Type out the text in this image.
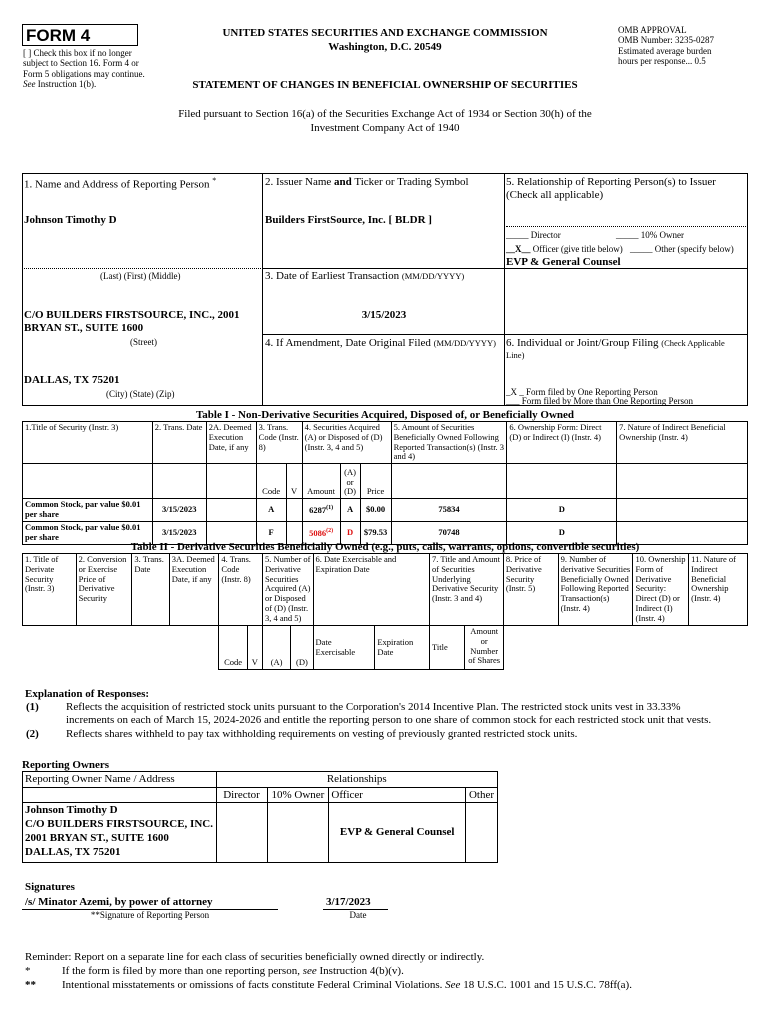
FORM 4
[ ] Check this box if no longer subject to Section 16. Form 4 or Form 5 obligations may continue. See Instruction 1(b).
UNITED STATES SECURITIES AND EXCHANGE COMMISSION
Washington, D.C. 20549
STATEMENT OF CHANGES IN BENEFICIAL OWNERSHIP OF SECURITIES
OMB APPROVAL
OMB Number: 3235-0287
Estimated average burden
hours per response... 0.5
Filed pursuant to Section 16(a) of the Securities Exchange Act of 1934 or Section 30(h) of the
Investment Company Act of 1940
1. Name and Address of Reporting Person *
Johnson Timothy D
(Last) (First) (Middle)
C/O BUILDERS FIRSTSOURCE, INC., 2001
BRYAN ST., SUITE 1600
(Street)
DALLAS, TX 75201
(City) (State) (Zip)
2. Issuer Name and Ticker or Trading Symbol
Builders FirstSource, Inc. [ BLDR ]
3. Date of Earliest Transaction (MM/DD/YYYY)
3/15/2023
4. If Amendment, Date Original Filed (MM/DD/YYYY)
5. Relationship of Reporting Person(s) to Issuer
(Check all applicable)
_____ Director	_____ 10% Owner
__X__ Officer (give title below) _____ Other (specify below)
EVP & General Counsel
6. Individual or Joint/Group Filing (Check Applicable
Line)
_X _ Form filed by One Reporting Person
___ Form filed by More than One Reporting Person
Table I - Non-Derivative Securities Acquired, Disposed of, or Beneficially Owned
1.Title of Security (Instr. 3)	2. Trans. Date	2A. Deemed Execution Date, if any	3. Trans. Code (Instr. 8)		4. Securities Acquired (A) or Disposed of (D) (Instr. 3, 4 and 5)			5. Amount of Securities Beneficially Owned Following Reported Transaction(s) (Instr. 3 and 4)	6. Ownership Form: Direct (D) or Indirect (I) (Instr. 4)	7. Nature of Indirect Beneficial Ownership (Instr. 4)

			Code	V	Amount	(A) or (D)	Price			
Common Stock, par value $0.01 per share	3/15/2023		A		6287$^{(1)}$	A	$0.00	75834	D	
Common Stock, par value $0.01 per share	3/15/2023		F		5086$^{(2)}$	D	$79.53	70748	D	
Table II - Derivative Securities Beneficially Owned (e.g., puts, calls, warrants, options, convertible securities)
1. Title of Derivate Security (Instr. 3)	2. Conversion or Exercise Price of Derivative Security	3. Trans. Date	3A. Deemed Execution Date, if any	4. Trans. Code (Instr. 8)		5. Number of Derivative Securities Acquired (A) or Disposed of (D) (Instr. 3, 4 and 5)		6. Date Exercisable and Expiration Date		7. Title and Amount of Securities Underlying Derivative Security (Instr. 3 and 4)		8. Price of Derivative Security (Instr. 5)	9. Number of derivative Securities Beneficially Owned Following Reported Transaction(s) (Instr. 4)	10. Ownership Form of Derivative Security: Direct (D) or Indirect (I) (Instr. 4)	11. Nature of Indirect Beneficial Ownership (Instr. 4)
				Code	V	(A)	(D)	Date Exercisable	Expiration Date	Title	Amount or Number of Shares				
Explanation of Responses:
(1) Reflects the acquisition of restricted stock units pursuant to the Corporation's 2014 Incentive Plan. The restricted stock units vest in 33.33%
increments on each of March 15, 2024-2026 and entitle the reporting person to one share of common stock for each restricted stock unit that vests.
(2) Reflects shares withheld to pay tax withholding requirements on vesting of previously granted restricted stock units.
Reporting Owners
Reporting Owner Name / Address	Relationships			
	Director	10% Owner	Officer	Other

Johnson Timothy D
C/O BUILDERS FIRSTSOURCE, INC.
2001 BRYAN ST., SUITE 1600
DALLAS, TX 75201			EVP & General Counsel	
Signatures
/s/ Minator Azemi, by power of attorney
**Signature of Reporting Person
3/17/2023
Date
Reminder: Report on a separate line for each class of securities beneficially owned directly or indirectly.
*	If the form is filed by more than one reporting person, see Instruction 4(b)(v).
** Intentional misstatements or omissions of facts constitute Federal Criminal Violations. See 18 U.S.C. 1001 and 15 U.S.C. 78ff(a).
